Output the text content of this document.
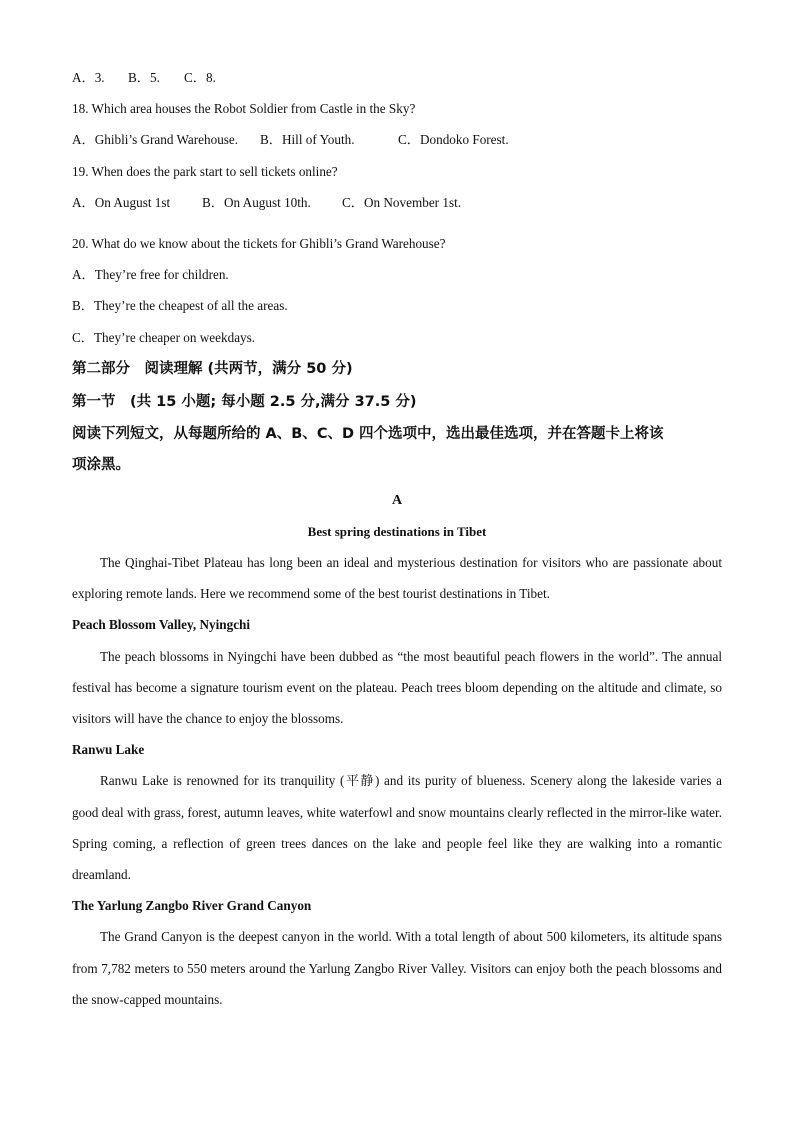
A．3. B．5. C．8.
18. Which area houses the Robot Soldier from Castle in the Sky?
A．Ghibli’s Grand Warehouse. B．Hill of Youth.	C．Dondoko Forest.
19. When does the park start to sell tickets online?
A．On August 1st B．On August 10th. C．On November 1st.
20. What do we know about the tickets for Ghibli’s Grand Warehouse?
A．They’re free for children.
B．They’re the cheapest of all the areas.
C．They’re cheaper on weekdays.
第二部分　阅读理解 (共两节，满分 50 分)
第一节　(共 15 小题; 每小题 2.5 分,满分 37.5 分)
阅读下列短文，从每题所给的 A、B、C、D 四个选项中，选出最佳选项，并在答题卡上将该
项涂黑。
A
Best spring destinations in Tibet
The Qinghai-Tibet Plateau has long been an ideal and mysterious destination for visitors who are passionate about exploring remote lands. Here we recommend some of the best tourist destinations in Tibet.
Peach Blossom Valley, Nyingchi
The peach blossoms in Nyingchi have been dubbed as “the most beautiful peach flowers in the world”. The annual festival has become a signature tourism event on the plateau. Peach trees bloom depending on the altitude and climate, so visitors will have the chance to enjoy the blossoms.
Ranwu Lake
Ranwu Lake is renowned for its tranquility (平静) and its purity of blueness. Scenery along the lakeside varies a good deal with grass, forest, autumn leaves, white waterfowl and snow mountains clearly reflected in the mirror-like water. Spring coming, a reflection of green trees dances on the lake and people feel like they are walking into a romantic dreamland.
The Yarlung Zangbo River Grand Canyon
The Grand Canyon is the deepest canyon in the world. With a total length of about 500 kilometers, its altitude spans from 7,782 meters to 550 meters around the Yarlung Zangbo River Valley. Visitors can enjoy both the peach blossoms and the snow-capped mountains.
